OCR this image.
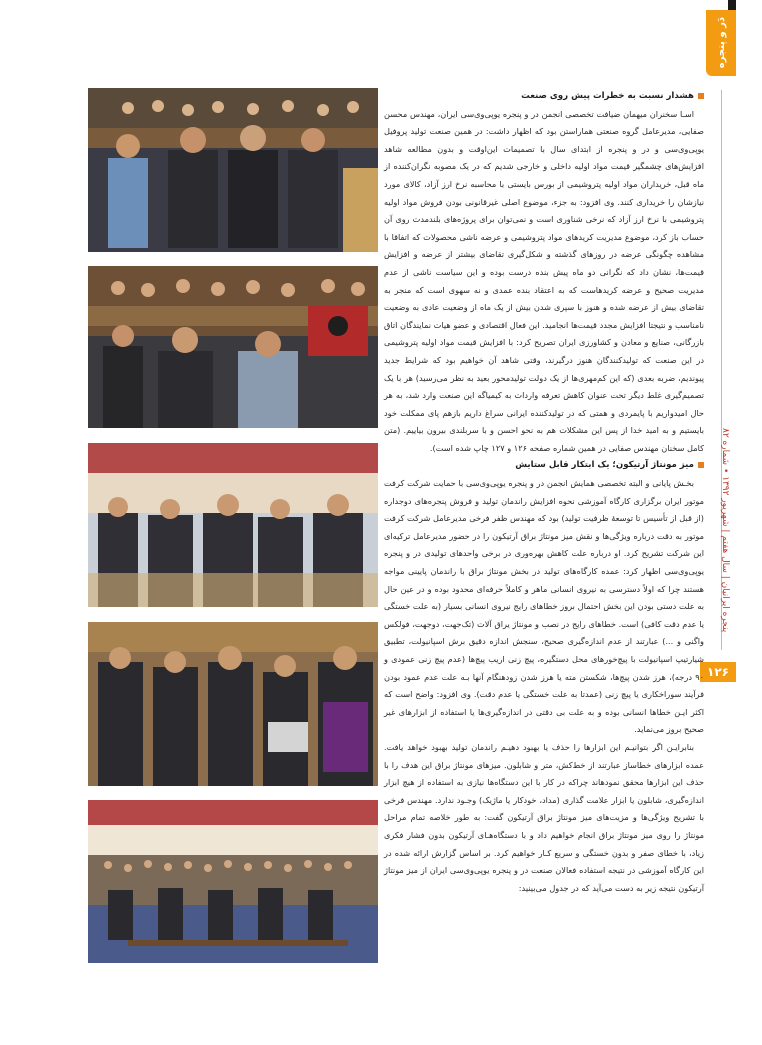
دَر و پنجره
پنجره ایرانیان | سال هفتم | شهریور ۱۳۹۲ • شماره ۸۲
۱۲۶
هشدار نسبت به خطرات پیش روی صنعت

اسـا سخنران میهمان ضیافت تخصصی انجمن در و پنجره یوپی‌وی‌سی ایران، مهندس محسن صفایی، مدیرعامل گروه صنعتی هماراستن بود که اظهار داشت: در همین صنعت تولید پروفیل یوپی‌وی‌سی و در و پنجره از ابتدای سال با تصمیمات این‌اوقت و بدون مطالعه شاهد افزایش‌های چشمگیر قیمت مواد اولیه داخلی و خارجی شدیم که در یک مصوبه نگران‌کننده از ماه قبل، خریداران مواد اولیه پتروشیمی از بورس بایستی با محاسبه نرخ ارز آزاد، کالای مورد نیازشان را خریداری کنند. وی افزود: به جزء، موضوع اصلی غیرقانونی بودن فروش مواد اولیه پتروشیمی با نرخ ارز آزاد که نرخی شناوری است و نمی‌توان برای پروژه‌های بلندمدت روی آن حساب باز کرد، موضوع مدیریت کریدهای مواد پتروشیمی و عرضه ناشی محصولات که اتفاقا با مشاهده چگونگی عرضه در روزهای گذشته و شکل‌گیری تقاضای بیشتر از عرضه و افزایش قیمت‌ها، نشان داد که نگرانی دو ماه پیش بنده درست بوده و این سیاست ناشی از عدم مدیریت صحیح و عرضه کریدهاست که به اعتقاد بنده عمدی و نه سهوی است که منجر به تقاضای بیش از عرضه شده و هنوز با سپری شدن بیش از یک ماه از وضعیت عادی به وضعیت نامناسب و نتیجتا افزایش مجدد قیمت‌ها انجامید. این فعال اقتصادی و عضو هیات نمایندگان اتاق بازرگانی، صنایع و معادن و کشاورزی ایران تصریح کرد: با افزایش قیمت مواد اولیه پتروشیمی در این صنعت که تولیدکنندگان هنوز درگیرند، وقتی شاهد آن خواهیم بود که شرایط جدید پیوندیم، ضربه بعدی (که این کم‌مهری‌ها از یک دولت تولیدمحور بعید به نظر می‌رسید) هر با یک تصمیم‌گیری غلط دیگر تحت عنوان کاهش تعرفه واردات به کیمیاگه این صنعت وارد شد، به هر حال امیدواریم با پایمردی و همتی که در تولیدکننده ایرانی سراغ داریم بازهم پای ممکلت خود بایستیم و به امید خدا از پس این مشکلات هم به نحو احسن و با سربلندی بیرون بیاییم. (متن کامل سخنان مهندس صفایی در همین شماره صفحه ۱۲۶ و ۱۲۷ چاپ شده است).

میز مونتاژ آرتیکون؛ یک ابتکار قابل ستایش

بخـش پایانی و البته تخصصی همایش انجمن در و پنجره یوپی‌وی‌سی با حمایت شرکت کرفت موتور ایران برگزاری کارگاه آموزشی نحوه افزایش راندمان تولید و فروش پنجره‌های دوجداره (از قبل از تأسیس تا توسعۀ ظرفیت تولید) بود که مهندس ظفر فرخی مدیرعامل شرکت کرفت موتور به دقت درباره ویژگی‌ها و نقش میز مونتاژ براق آرتیکون را در حضور مدیرعامل ترکیه‌ای این شرکت تشریح کرد. او درباره علت کاهش بهره‌وری در برخی واحدهای تولیدی در و پنجره یوپی‌وی‌سی اظهار کرد: عمده کارگاه‌های تولید در بخش مونتاژ براق با راندمان پایینی مواجه هستند چرا که اولاً دسترسی به نیروی انسانی ماهر و کاملاً حرفه‌ای محدود بوده و در عین حال به علت دستی بودن این بخش احتمال بروز خطاهای رایج نیروی انسانی بسیار (به علت خستگی یا عدم دقت کافی) است. خطاهای رایج در نصب و مونتاژ یراق آلات (تک‌جهت، دوجهت، فولکس واگنی و ...) عبارتند از عدم اندازه‌گیری صحیح، سنجش اندازه دقیق برش اسپانیولت، تطبیق شیارتیپ اسپانیولت با پیچ‌خورهای محل دستگیره، پیچ زنی اریب پیچ‌ها (عدم پیچ زنی عمودی و ۹۰ درجه)، هرز شدن پیچ‌ها، شکستن مته یا هرز شدن زودهنگام آنها بـه علت عدم عمود بودن فرآیند سوراخکاری یا پیچ زنی (عمدتا به علت خستگی یا عدم دقت). وی افزود: واضح است که اکثر ایـن خطاها انسانی بوده و به علت بی دقتی در اندازه‌گیری‌ها یا استفاده از ابزارهای غیر صحیح بروز می‌نماید.

بنابرایـن اگر بتوانیـم این ابزارها را حذف یا بهبود دهیـم راندمان تولید بهبود خواهد یافت. عمده ابزارهای خطاساز عبارتند از خط‌کش، متر و شابلون. میزهای مونتاژ براق این هدف را با حذف این ابزارها محقق نمودهاند چراکه در کار با این دستگاه‌ها نیازی به استفاده از هیچ ابزار اندازه‌گیری، شابلون یا ابزار علامت گذاری (مداد، خودکار یا ماژیک) وجـود ندارد. مهندس فرخی با تشریح ویژگی‌ها و مزیت‌های میز مونتاژ براق آرتیکون گفت: به طور خلاصه تمام مراحل مونتاژ را روی میز مونتاژ براق انجام خواهیم داد و با دستگاه‌هـای آرتیکون بدون فشار فکری زیاد، با خطای صفر و بدون خستگی و سریع کـار خواهیم کرد. بر اساس گزارش ارائه شده در این کارگاه آموزشی در نتیجه استفاده فعالان صنعت در و پنجره یوپی‌وی‌سی ایران از میز مونتاژ آرتیکون نتیجه زیر به دست می‌آید که در جدول می‌بینید:
